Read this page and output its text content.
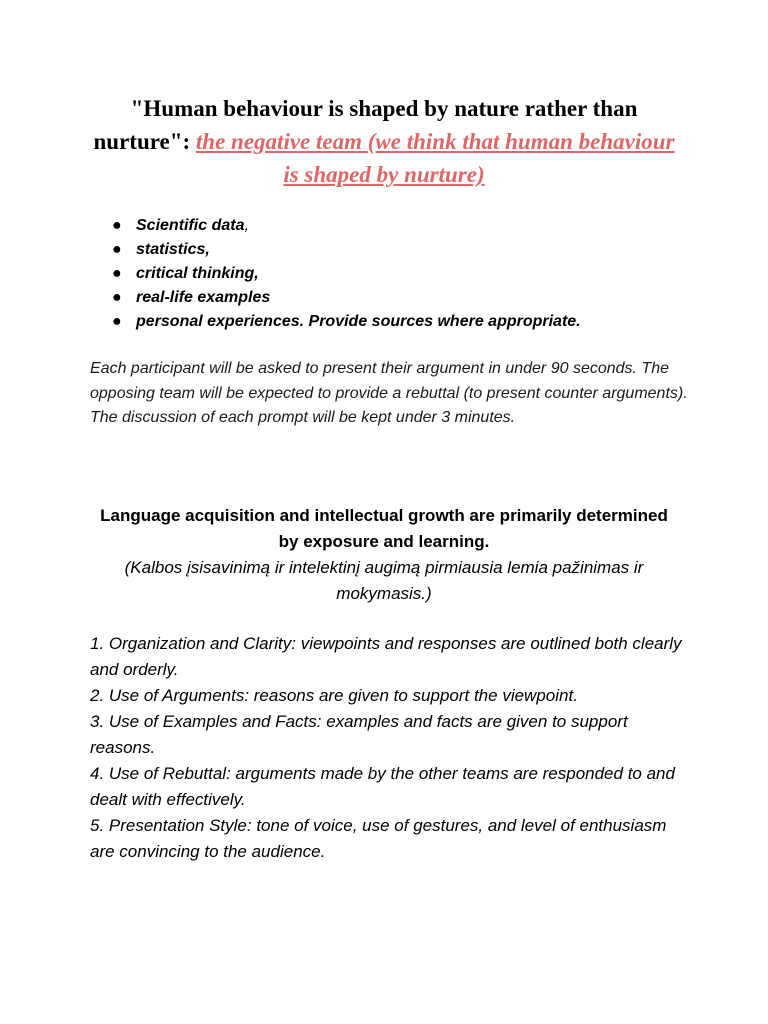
"Human behaviour is shaped by nature rather than nurture": the negative team (we think that human behaviour is shaped by nurture)
● Scientific data,
● statistics,
● critical thinking,
● real-life examples
● personal experiences. Provide sources where appropriate.

Each participant will be asked to present their argument in under 90 seconds. The opposing team will be expected to provide a rebuttal (to present counter arguments). The discussion of each prompt will be kept under 3 minutes.

Language acquisition and intellectual growth are primarily determined by exposure and learning.

(Kalbos įsisavinimą ir intelektinį augimą pirmiausia lemia pažinimas ir mokymasis.)

1. Organization and Clarity: viewpoints and responses are outlined both clearly and orderly.
2. Use of Arguments: reasons are given to support the viewpoint.
3. Use of Examples and Facts: examples and facts are given to support reasons.
4. Use of Rebuttal: arguments made by the other teams are responded to and dealt with effectively.
5. Presentation Style: tone of voice, use of gestures, and level of enthusiasm are convincing to the audience.
